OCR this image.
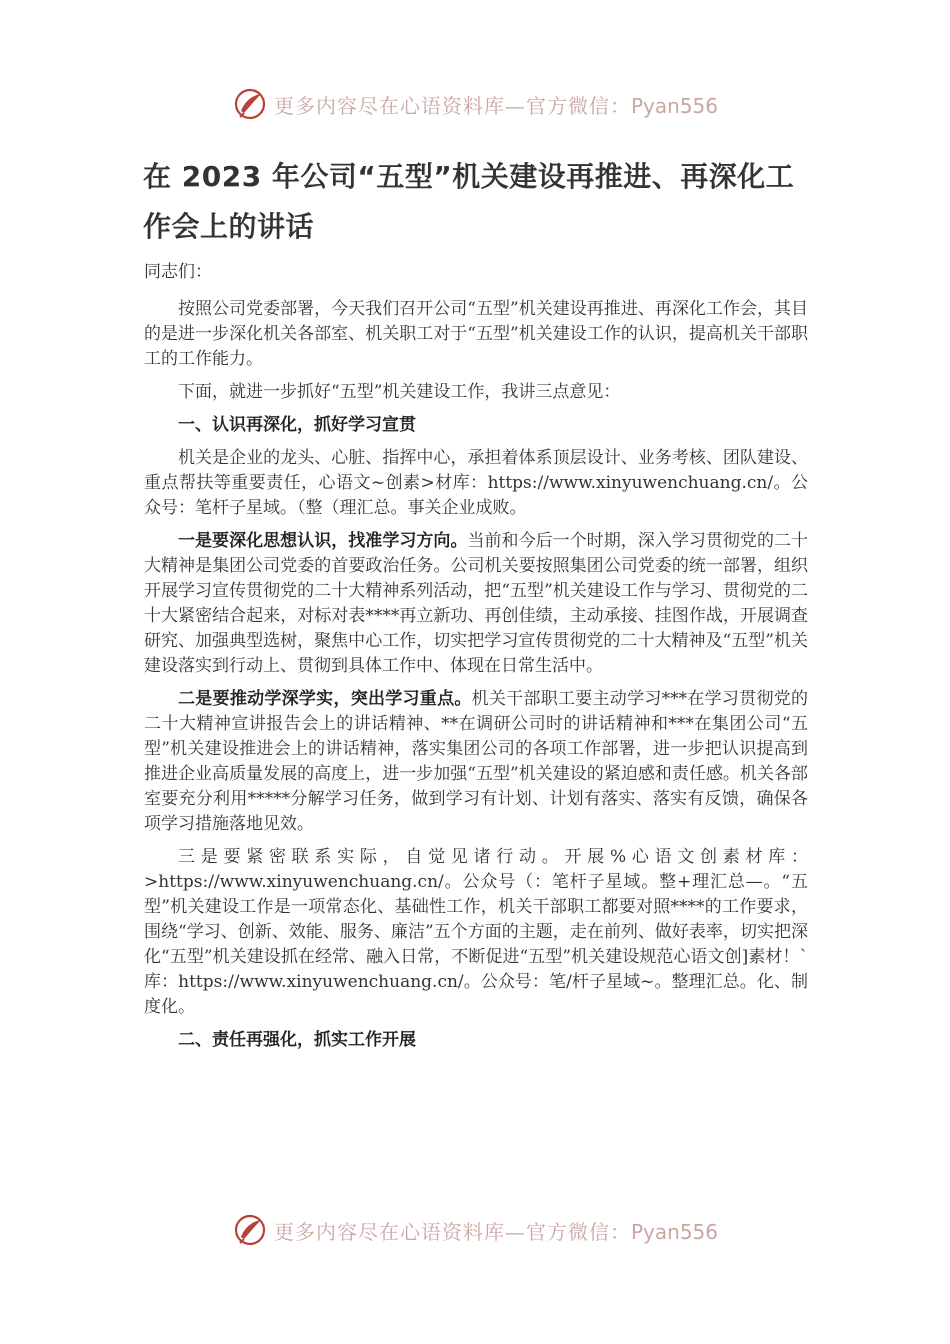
更多内容尽在心语资料库—官方微信：Pyan556
在 2023 年公司“五型”机关建设再推进、再深化工作会上的讲话

同志们：

按照公司党委部署，今天我们召开公司“五型”机关建设再推进、再深化工作会，其目的是进一步深化机关各部室、机关职工对于“五型”机关建设工作的认识，提高机关干部职工的工作能力。

下面，就进一步抓好“五型”机关建设工作，我讲三点意见：

一、认识再深化，抓好学习宣贯

机关是企业的龙头、心脏、指挥中心，承担着体系顶层设计、业务考核、团队建设、重点帮扶等重要责任，心语文~创素>材库：https://www.xinyuwenchuang.cn/。公众号：笔杆子星域。（整（理汇总。事关企业成败。

一是要深化思想认识，找准学习方向。当前和今后一个时期，深入学习贯彻党的二十大精神是集团公司党委的首要政治任务。公司机关要按照集团公司党委的统一部署，组织开展学习宣传贯彻党的二十大精神系列活动，把“五型”机关建设工作与学习、贯彻党的二十大紧密结合起来，对标对表****再立新功、再创佳绩，主动承接、挂图作战，开展调查研究、加强典型选树，聚焦中心工作，切实把学习宣传贯彻党的二十大精神及“五型”机关建设落实到行动上、贯彻到具体工作中、体现在日常生活中。

二是要推动学深学实，突出学习重点。机关干部职工要主动学习***在学习贯彻党的二十大精神宣讲报告会上的讲话精神、**在调研公司时的讲话精神和***在集团公司“五型”机关建设推进会上的讲话精神，落实集团公司的各项工作部署，进一步把认识提高到推进企业高质量发展的高度上，进一步加强“五型”机关建设的紧迫感和责任感。机关各部室要充分利用*****分解学习任务，做到学习有计划、计划有落实、落实有反馈，确保各项学习措施落地见效。

三是要紧密联系实际，自觉见诸行动。开展%心语文创素材库：>https://www.xinyuwenchuang.cn/。公众号（：笔杆子星域。整+理汇总—。“五型”机关建设工作是一项常态化、基础性工作，机关干部职工都要对照****的工作要求，围绕“学习、创新、效能、服务、廉洁”五个方面的主题，走在前列、做好表率，切实把深化“五型”机关建设抓在经常、融入日常，不断促进“五型”机关建设规范心语文创]素材！`库：https://www.xinyuwenchuang.cn/。公众号：笔/杆子星域~。整理汇总。化、制度化。

二、责任再强化，抓实工作开展

更多内容尽在心语资料库—官方微信：Pyan556
